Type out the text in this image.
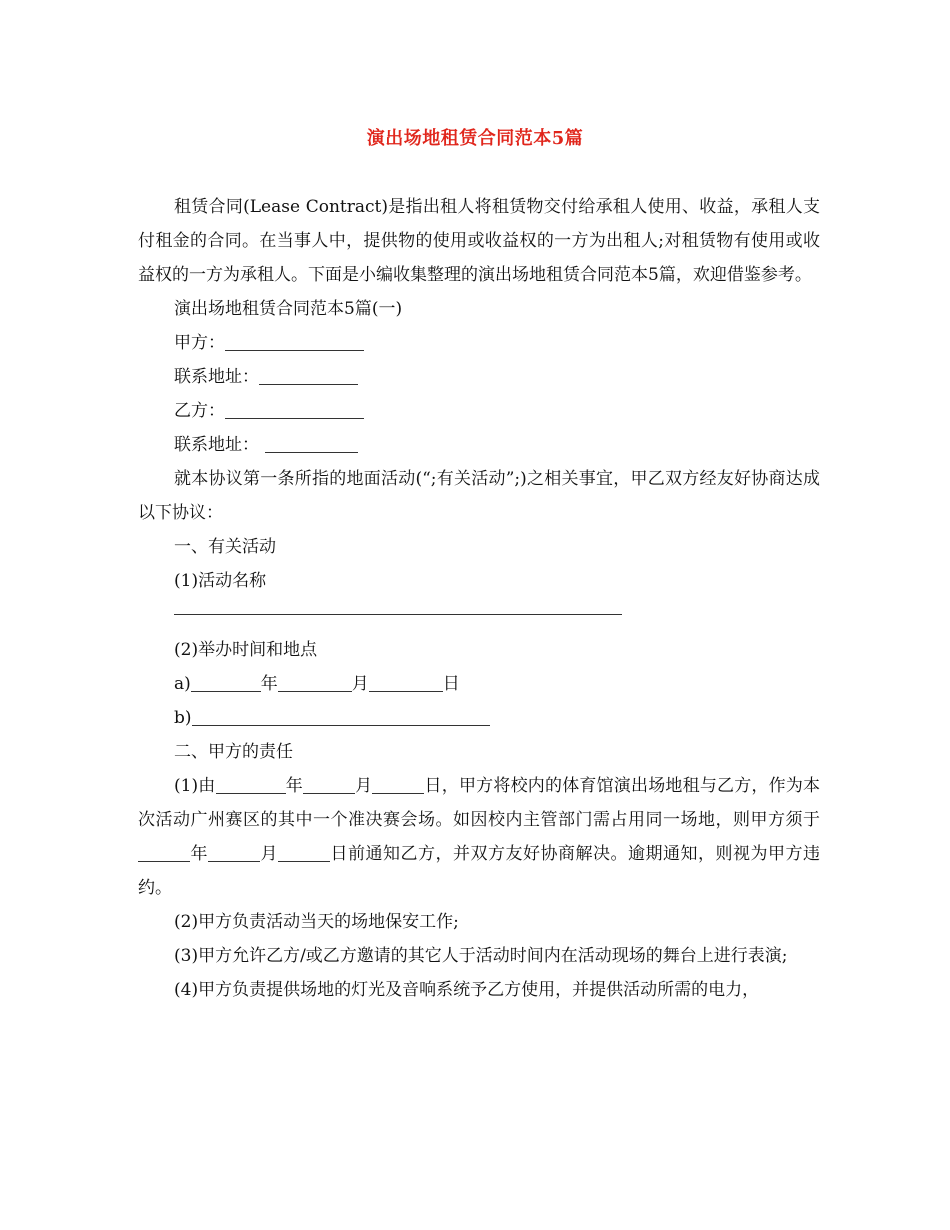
演出场地租赁合同范本5篇

租赁合同(Lease Contract)是指出租人将租赁物交付给承租人使用、收益，承租人支付租金的合同。在当事人中，提供物的使用或收益权的一方为出租人;对租赁物有使用或收益权的一方为承租人。下面是小编收集整理的演出场地租赁合同范本5篇，欢迎借鉴参考。

演出场地租赁合同范本5篇(一)

甲方：

联系地址：

乙方：

联系地址：

就本协议第一条所指的地面活动(“;有关活动”;)之相关事宜，甲乙双方经友好协商达成以下协议：

一、有关活动

(1)活动名称

(2)举办时间和地点

a)	年	月	日

b)

二、甲方的责任

(1)由	年	月	日，甲方将校内的体育馆演出场地租与乙方，作为本次活动广州赛区的其中一个准决赛会场。如因校内主管部门需占用同一场地，则甲方须于年	月	日前通知乙方，并双方友好协商解决。逾期通知，则视为甲方违约。

(2)甲方负责活动当天的场地保安工作;

(3)甲方允许乙方/或乙方邀请的其它人于活动时间内在活动现场的舞台上进行表演;

(4)甲方负责提供场地的灯光及音响系统予乙方使用，并提供活动所需的电力，
